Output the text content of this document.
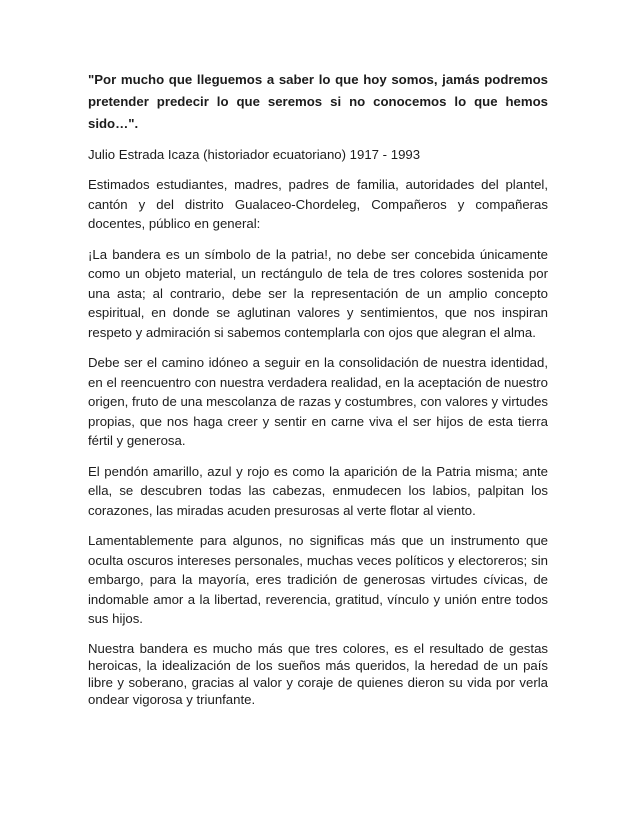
"Por mucho que lleguemos a saber lo que hoy somos, jamás podremos pretender predecir lo que seremos si no conocemos lo que hemos sido…".

Julio Estrada Icaza (historiador ecuatoriano) 1917 - 1993

Estimados estudiantes, madres, padres de familia, autoridades del plantel, cantón y del distrito Gualaceo-Chordeleg, Compañeros y compañeras docentes, público en general:

¡La bandera es un símbolo de la patria!, no debe ser concebida únicamente como un objeto material, un rectángulo de tela de tres colores sostenida por una asta; al contrario, debe ser la representación de un amplio concepto espiritual, en donde se aglutinan valores y sentimientos, que nos inspiran respeto y admiración si sabemos contemplarla con ojos que alegran el alma.

Debe ser el camino idóneo a seguir en la consolidación de nuestra identidad, en el reencuentro con nuestra verdadera realidad, en la aceptación de nuestro origen, fruto de una mescolanza de razas y costumbres, con valores y virtudes propias, que nos haga creer y sentir en carne viva el ser hijos de esta tierra fértil y generosa.

El pendón amarillo, azul y rojo es como la aparición de la Patria misma; ante ella, se descubren todas las cabezas, enmudecen los labios, palpitan los corazones, las miradas acuden presurosas al verte flotar al viento.

Lamentablemente para algunos, no significas más que un instrumento que oculta oscuros intereses personales, muchas veces políticos y electoreros; sin embargo, para la mayoría, eres tradición de generosas virtudes cívicas, de indomable amor a la libertad, reverencia, gratitud, vínculo y unión entre todos sus hijos.

Nuestra bandera es mucho más que tres colores, es el resultado de gestas heroicas, la idealización de los sueños más queridos, la heredad de un país libre y soberano, gracias al valor y coraje de quienes dieron su vida por verla ondear vigorosa y triunfante.
